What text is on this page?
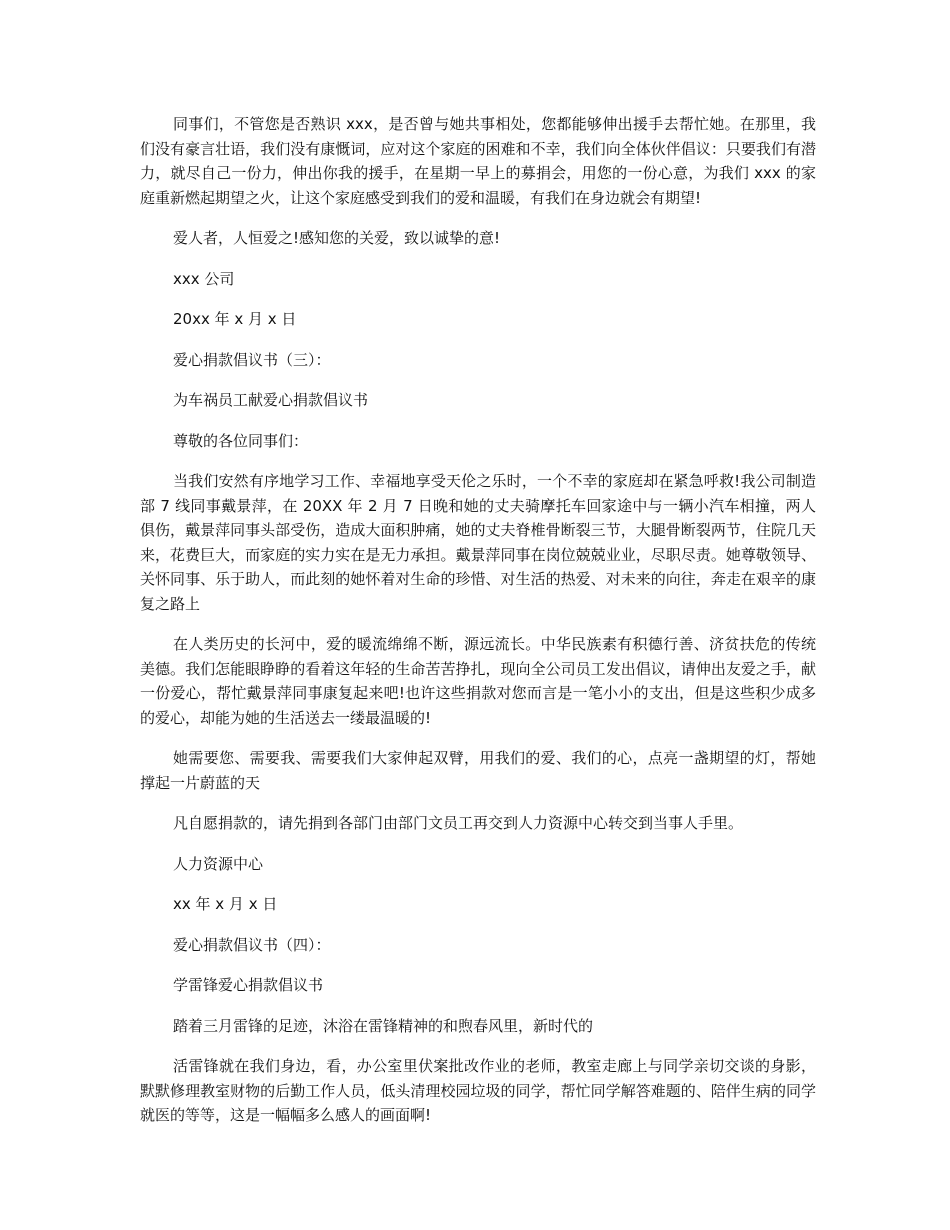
同事们，不管您是否熟识 xxx，是否曾与她共事相处，您都能够伸出援手去帮忙她。在那里，我们没有豪言壮语，我们没有康慨词，应对这个家庭的困难和不幸，我们向全体伙伴倡议：只要我们有潜力，就尽自己一份力，伸出你我的援手，在星期一早上的募捐会，用您的一份心意，为我们 xxx 的家庭重新燃起期望之火，让这个家庭感受到我们的爱和温暖，有我们在身边就会有期望!

爱人者，人恒爱之!感知您的关爱，致以诚挚的意!

xxx 公司

20xx 年 x 月 x 日

爱心捐款倡议书（三）：

为车祸员工献爱心捐款倡议书

尊敬的各位同事们：

当我们安然有序地学习工作、幸福地享受天伦之乐时，一个不幸的家庭却在紧急呼救!我公司制造部 7 线同事戴景萍，在 20XX 年 2 月 7 日晚和她的丈夫骑摩托车回家途中与一辆小汽车相撞，两人俱伤，戴景萍同事头部受伤，造成大面积肿痛，她的丈夫脊椎骨断裂三节，大腿骨断裂两节，住院几天来，花费巨大，而家庭的实力实在是无力承担。戴景萍同事在岗位兢兢业业，尽职尽责。她尊敬领导、关怀同事、乐于助人，而此刻的她怀着对生命的珍惜、对生活的热爱、对未来的向往，奔走在艰辛的康复之路上

在人类历史的长河中，爱的暖流绵绵不断，源远流长。中华民族素有积德行善、济贫扶危的传统美德。我们怎能眼睁睁的看着这年轻的生命苦苦挣扎，现向全公司员工发出倡议，请伸出友爱之手，献一份爱心，帮忙戴景萍同事康复起来吧!也许这些捐款对您而言是一笔小小的支出，但是这些积少成多的爱心，却能为她的生活送去一缕最温暖的!

她需要您、需要我、需要我们大家伸起双臂，用我们的爱、我们的心，点亮一盏期望的灯，帮她撑起一片蔚蓝的天

凡自愿捐款的，请先捐到各部门由部门文员工再交到人力资源中心转交到当事人手里。

人力资源中心

xx 年 x 月 x 日

爱心捐款倡议书（四）：

学雷锋爱心捐款倡议书

踏着三月雷锋的足迹，沐浴在雷锋精神的和煦春风里，新时代的

活雷锋就在我们身边，看，办公室里伏案批改作业的老师，教室走廊上与同学亲切交谈的身影，默默修理教室财物的后勤工作人员，低头清理校园垃圾的同学，帮忙同学解答难题的、陪伴生病的同学就医的等等，这是一幅幅多么感人的画面啊!
